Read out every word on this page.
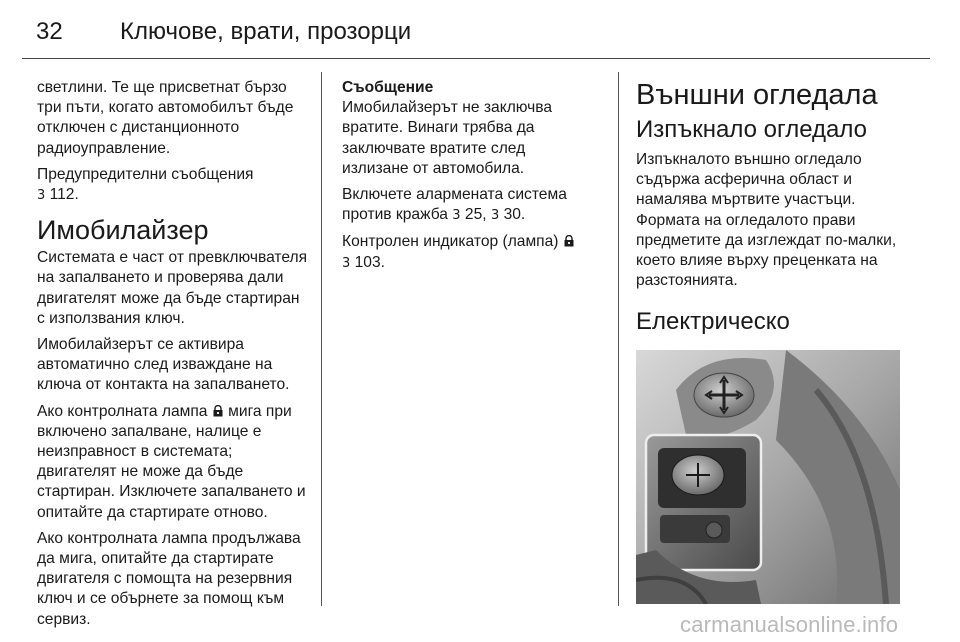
32 Ключове, врати, прозорци

светлини. Те ще присветнат бързо три пъти, когато автомобилът бъде отключен с дистанционното радиоуправление.

Предупредителни съобщения
3 112.

Имобилайзер

Системата е част от превключвателя на запалването и проверява дали двигателят може да бъде стартиран с използвания ключ.

Имобилайзерът се активира автоматично след изваждане на ключа от контакта на запалването.

Ако контролната лампа мига при включено запалване, налице е неизправност в системата; двигателят не може да бъде стартиран. Изключете запалването и опитайте да стартирате отново.

Ако контролната лампа продължава да мига, опитайте да стартирате двигателя с помощта на резервния ключ и се обърнете за помощ към сервиз.

Съобщение
Имобилайзерът не заключва вратите. Винаги трябва да заключвате вратите след излизане от автомобила.

Включете алармената система против кражба 3 25, 3 30.

Контролен индикатор (лампа)
3 103.

Външни огледала
Изпъкнало огледало

Изпъкналото външно огледало съдържа асферична област и намалява мъртвите участъци. Формата на огледалото прави предметите да изглеждат по-малки, което влияе върху преценката на разстоянията.

Електрическо
carmanualsonline.info
